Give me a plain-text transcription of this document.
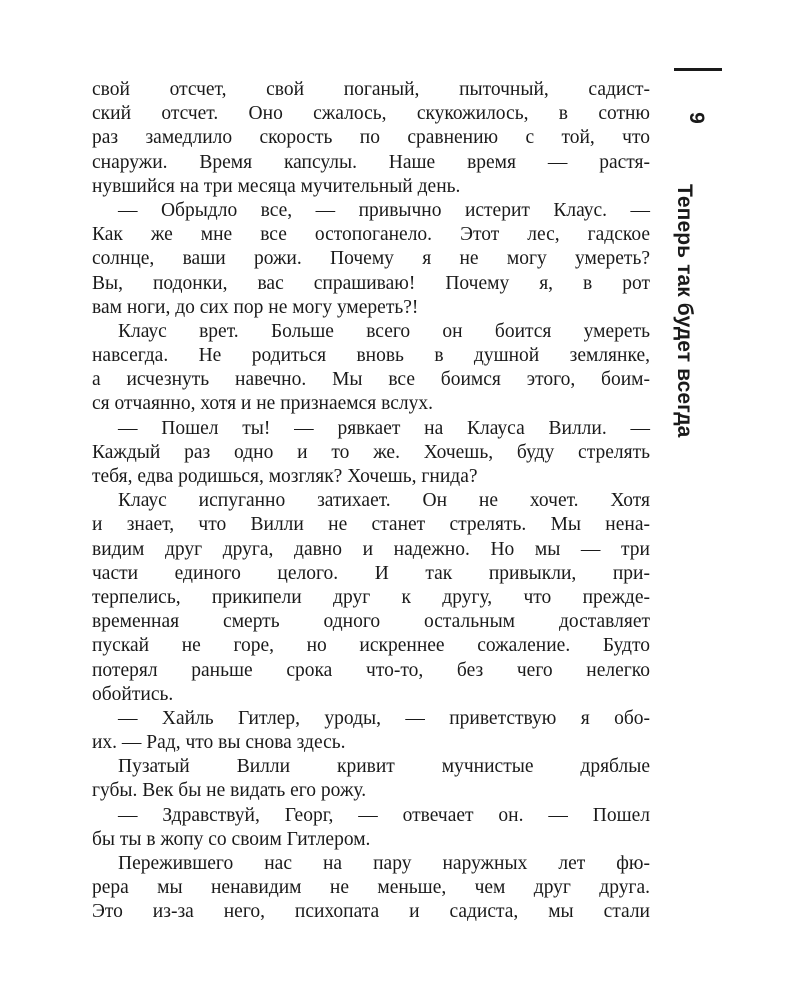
свой отсчет, свой поганый, пыточный, садист-
ский отсчет. Оно сжалось, скукожилось, в сотню
раз замедлило скорость по сравнению с той, что
снаружи. Время капсулы. Наше время — растя-
нувшийся на три месяца мучительный день.
— Обрыдло все, — привычно истерит Клаус. —
Как же мне все остопоганело. Этот лес, гадское
солнце, ваши рожи. Почему я не могу умереть?
Вы, подонки, вас спрашиваю! Почему я, в рот
вам ноги, до сих пор не могу умереть?!
Клаус врет. Больше всего он боится умереть
навсегда. Не родиться вновь в душной землянке,
а исчезнуть навечно. Мы все боимся этого, боим-
ся отчаянно, хотя и не признаемся вслух.
— Пошел ты! — рявкает на Клауса Вилли. —
Каждый раз одно и то же. Хочешь, буду стрелять
тебя, едва родишься, мозгляк? Хочешь, гнида?
Клаус испуганно затихает. Он не хочет. Хотя
и знает, что Вилли не станет стрелять. Мы нена-
видим друг друга, давно и надежно. Но мы — три
части единого целого. И так привыкли, при-
терпелись, прикипели друг к другу, что прежде-
временная смерть одного остальным доставляет
пускай не горе, но искреннее сожаление. Будто
потерял раньше срока что-то, без чего нелегко
обойтись.
— Хайль Гитлер, уроды, — приветствую я обо-
их. — Рад, что вы снова здесь.
Пузатый Вилли кривит мучнистые дряблые
губы. Век бы не видать его рожу.
— Здравствуй, Георг, — отвечает он. — Пошел
бы ты в жопу со своим Гитлером.
Пережившего нас на пару наружных лет фю-
рера мы ненавидим не меньше, чем друг друга.
Это из-за него, психопата и садиста, мы стали
9
Теперь так будет всегда
